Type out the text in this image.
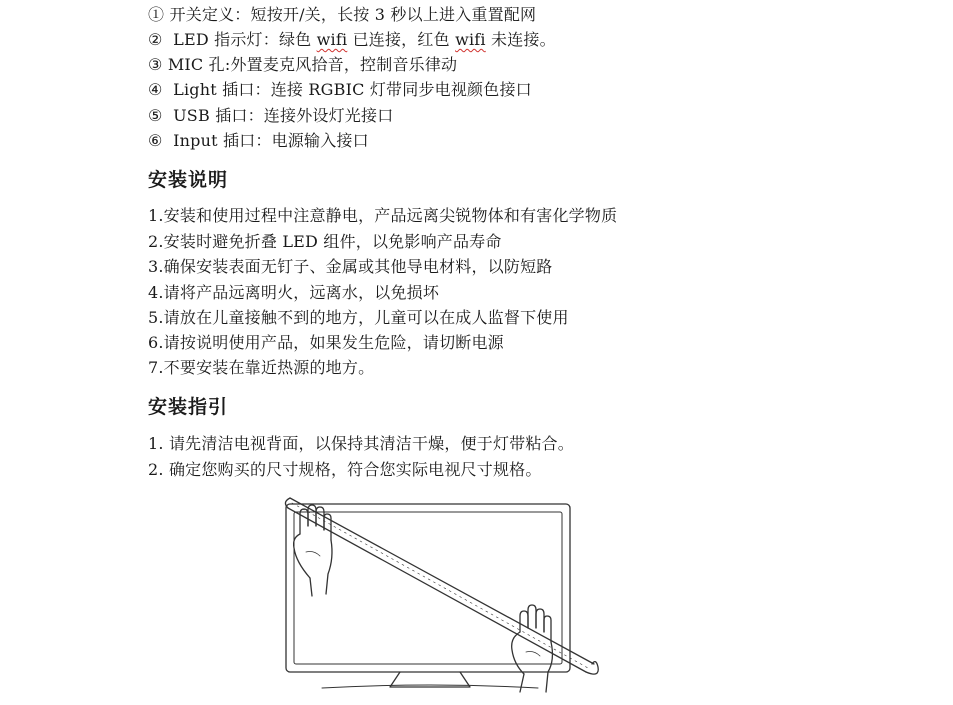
① 开关定义：短按开/关，长按 3 秒以上进入重置配网
②  LED 指示灯：绿色 wifi 已连接，红色 wifi 未连接。
③ MIC 孔:外置麦克风拾音，控制音乐律动
④  Light 插口：连接 RGBIC 灯带同步电视颜色接口
⑤  USB 插口：连接外设灯光接口
⑥  Input 插口：电源输入接口
安装说明
1.安装和使用过程中注意静电，产品远离尖锐物体和有害化学物质
2.安装时避免折叠 LED 组件，以免影响产品寿命
3.确保安装表面无钉子、金属或其他导电材料，以防短路
4.请将产品远离明火，远离水，以免损坏
5.请放在儿童接触不到的地方，儿童可以在成人监督下使用
6.请按说明使用产品，如果发生危险，请切断电源
7.不要安装在靠近热源的地方。
安装指引
1. 请先清洁电视背面，以保持其清洁干燥，便于灯带粘合。
2. 确定您购买的尺寸规格，符合您实际电视尺寸规格。
